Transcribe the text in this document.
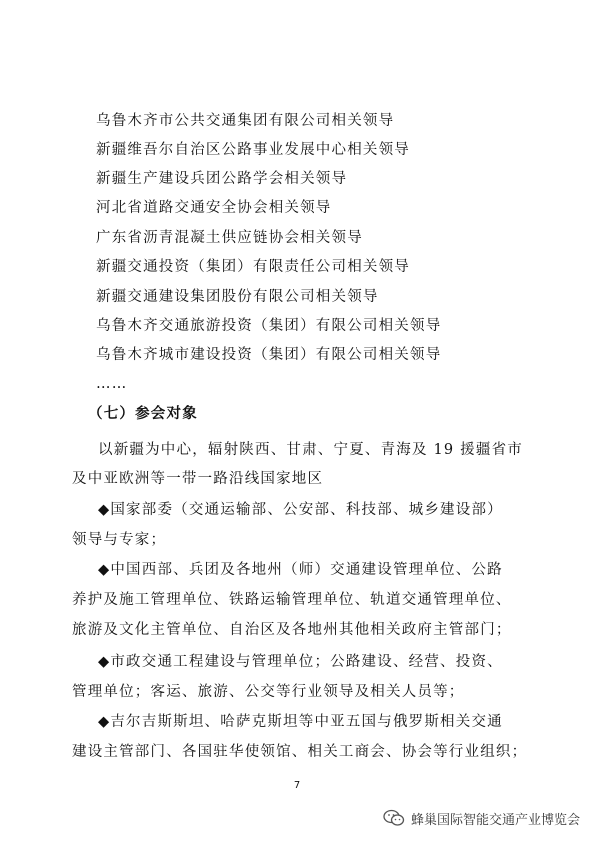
乌鲁木齐市公共交通集团有限公司相关领导
新疆维吾尔自治区公路事业发展中心相关领导
新疆生产建设兵团公路学会相关领导
河北省道路交通安全协会相关领导
广东省沥青混凝土供应链协会相关领导
新疆交通投资（集团）有限责任公司相关领导
新疆交通建设集团股份有限公司相关领导
乌鲁木齐交通旅游投资（集团）有限公司相关领导
乌鲁木齐城市建设投资（集团）有限公司相关领导
……
（七）参会对象
以新疆为中心，辐射陕西、甘肃、宁夏、青海及 19 援疆省市
及中亚欧洲等一带一路沿线国家地区
◆国家部委（交通运输部、公安部、科技部、城乡建设部）
领导与专家；
◆中国西部、兵团及各地州（师）交通建设管理单位、公路
养护及施工管理单位、铁路运输管理单位、轨道交通管理单位、
旅游及文化主管单位、自治区及各地州其他相关政府主管部门；
◆市政交通工程建设与管理单位；公路建设、经营、投资、
管理单位；客运、旅游、公交等行业领导及相关人员等；
◆吉尔吉斯斯坦、哈萨克斯坦等中亚五国与俄罗斯相关交通
建设主管部门、各国驻华使领馆、相关工商会、协会等行业组织；
7
蜂巢国际智能交通产业博览会
